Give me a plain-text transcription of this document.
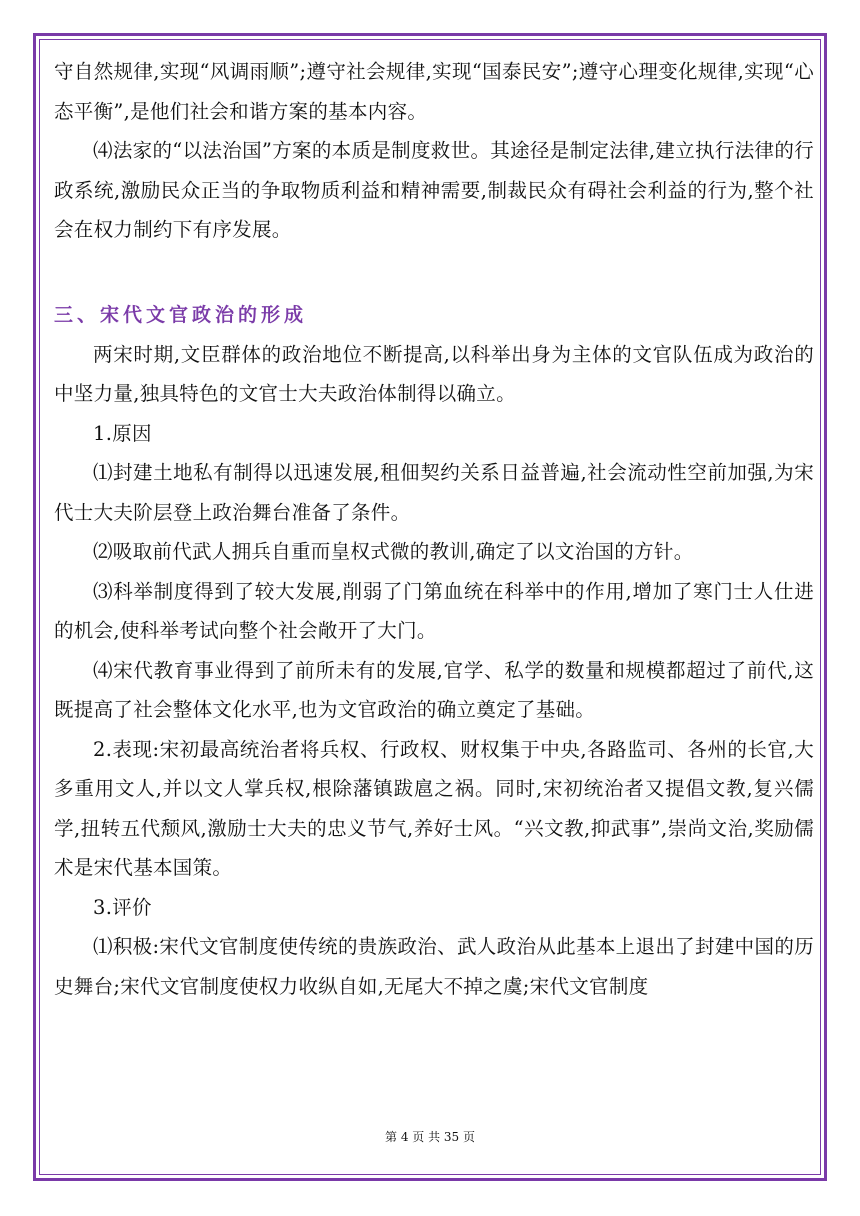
守自然规律,实现“风调雨顺”;遵守社会规律,实现“国泰民安”;遵守心理变化规律,实现“心态平衡”,是他们社会和谐方案的基本内容。

⑷法家的“以法治国”方案的本质是制度救世。其途径是制定法律,建立执行法律的行政系统,激励民众正当的争取物质利益和精神需要,制裁民众有碍社会利益的行为,整个社会在权力制约下有序发展。

三、宋代文官政治的形成

两宋时期,文臣群体的政治地位不断提高,以科举出身为主体的文官队伍成为政治的中坚力量,独具特色的文官士大夫政治体制得以确立。

1.原因

⑴封建土地私有制得以迅速发展,租佃契约关系日益普遍,社会流动性空前加强,为宋代士大夫阶层登上政治舞台准备了条件。

⑵吸取前代武人拥兵自重而皇权式微的教训,确定了以文治国的方针。

⑶科举制度得到了较大发展,削弱了门第血统在科举中的作用,增加了寒门士人仕进的机会,使科举考试向整个社会敞开了大门。

⑷宋代教育事业得到了前所未有的发展,官学、私学的数量和规模都超过了前代,这既提高了社会整体文化水平,也为文官政治的确立奠定了基础。

2.表现:宋初最高统治者将兵权、行政权、财权集于中央,各路监司、各州的长官,大多重用文人,并以文人掌兵权,根除藩镇跋扈之祸。同时,宋初统治者又提倡文教,复兴儒学,扭转五代颓风,激励士大夫的忠义节气,养好士风。“兴文教,抑武事”,崇尚文治,奖励儒术是宋代基本国策。

3.评价

⑴积极:宋代文官制度使传统的贵族政治、武人政治从此基本上退出了封建中国的历史舞台;宋代文官制度使权力收纵自如,无尾大不掉之虞;宋代文官制度

第 4 页 共 35 页
